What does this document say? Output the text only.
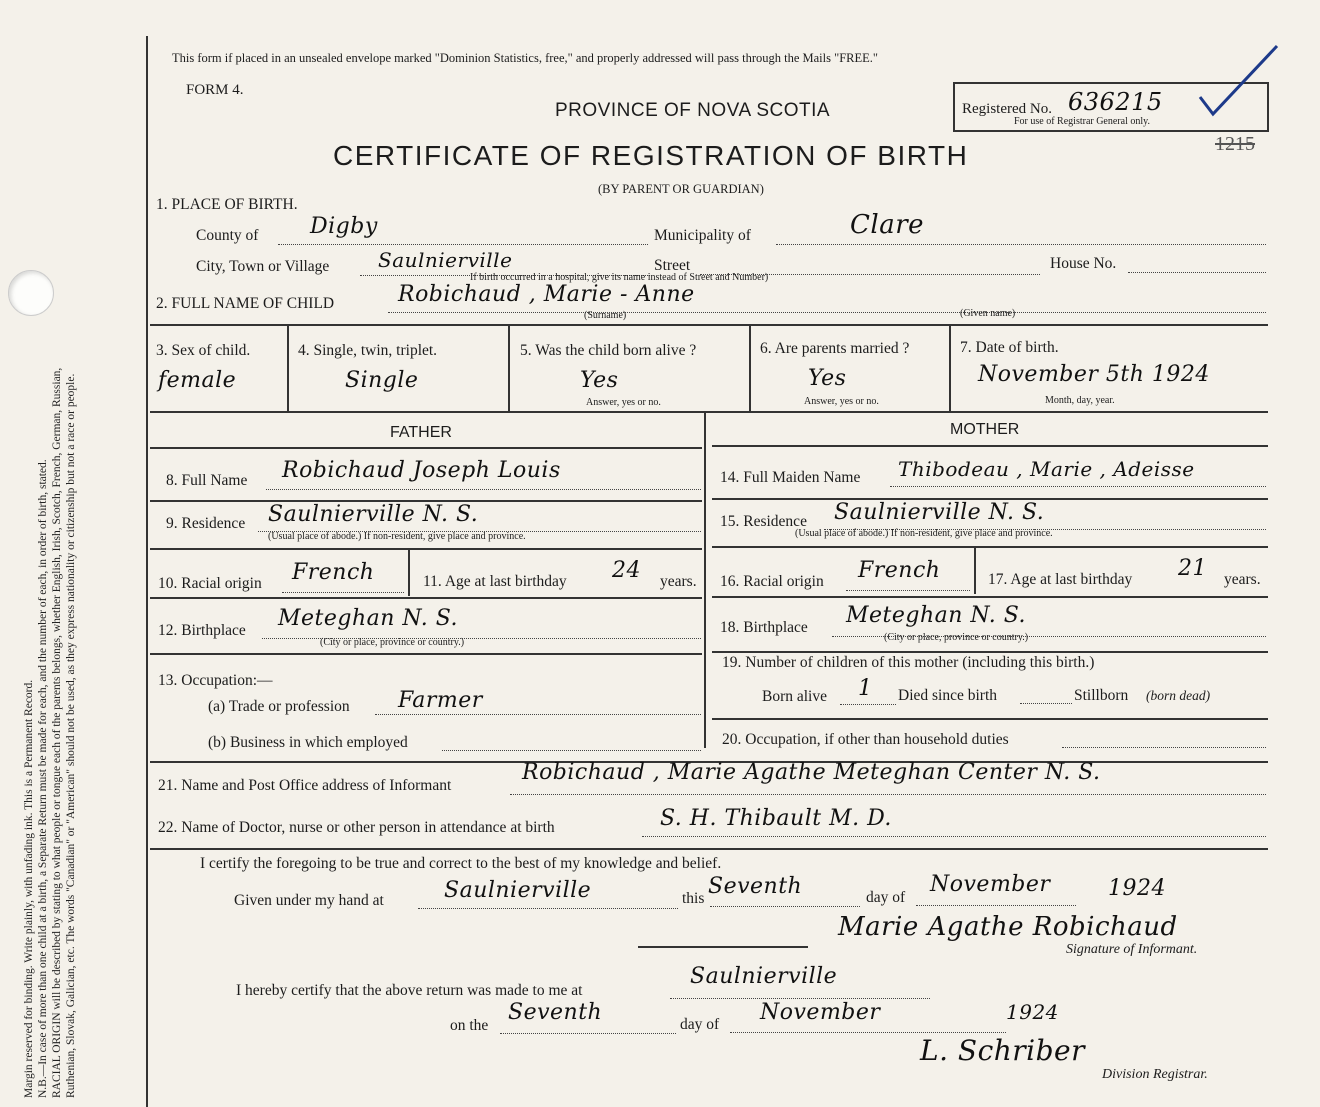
Margin reserved for binding. Write plainly, with unfading ink. This is a Permanent Record. N.B.—In case of more than one child at a birth, a Separate Return must be made for each, and the number of each, in order of birth, stated. RACIAL ORIGIN will be described by stating to what people or tongue each of the parents belongs, whether English, Irish, Scotch, French, German, Russian, Ruthenian, Slovak, Galician, etc. The words "Canadian" or "American" should not be used, as they express nationality or citizenship but not a race or people.
This form if placed in an unsealed envelope marked "Dominion Statistics, free," and properly addressed will pass through the Mails "FREE."
FORM 4.
PROVINCE OF NOVA SCOTIA
CERTIFICATE OF REGISTRATION OF BIRTH
(BY PARENT OR GUARDIAN)
Registered No. 636215
For use of Registrar General only.
1215
1. PLACE OF BIRTH.
County of Digby	Municipality of	Clare
City, Town or Village Saulnierville	Street
If birth occurred in a hospital, give its name instead of Street and Number)
House No.
2. FULL NAME OF CHILD	Robichaud , Marie - Anne
(Surname)	(Given name)
3. Sex of child.
female
4. Single, twin, triplet.
Single
5. Was the child born alive ?
Yes
Answer, yes or no.
6. Are parents married ?
Yes
Answer, yes or no.
7. Date of birth.
November 5th 1924
Month, day, year.
FATHER	MOTHER
8. Full Name Robichaud Joseph Louis
9. Residence Saulnierville N. S.
(Usual place of abode.) If non-resident, give place and province.
10. Racial origin French	11. Age at last birthday 24 years.
12. Birthplace Meteghan N. S.
(City or place, province or country.)
13. Occupation:—
(a) Trade or profession Farmer
(b) Business in which employed
14. Full Maiden Name Thibodeau , Marie , Adeisse
15. Residence Saulnierville N. S.
(Usual place of abode.) If non-resident, give place and province.
16. Racial origin French	17. Age at last birthday 21 years.
18. Birthplace Meteghan N. S.
(City or place, province or country.)
19. Number of children of this mother (including this birth.)
Born alive 1 Died since birth	Stillborn (born dead)
20. Occupation, if other than household duties
21. Name and Post Office address of Informant
Robichaud , Marie Agathe Meteghan Center N. S.
22. Name of Doctor, nurse or other person in attendance at birth	S. H. Thibault M. D.
I certify the foregoing to be true and correct to the best of my knowledge and belief.
Given under my hand at	Saulnierville	this Seventh	day of
November	1924
Marie Agathe Robichaud
Signature of Informant.
I hereby certify that the above return was made to me at
Saulnierville
on the
Seventh	day of November	1924
L. Schriber
Division Registrar.
